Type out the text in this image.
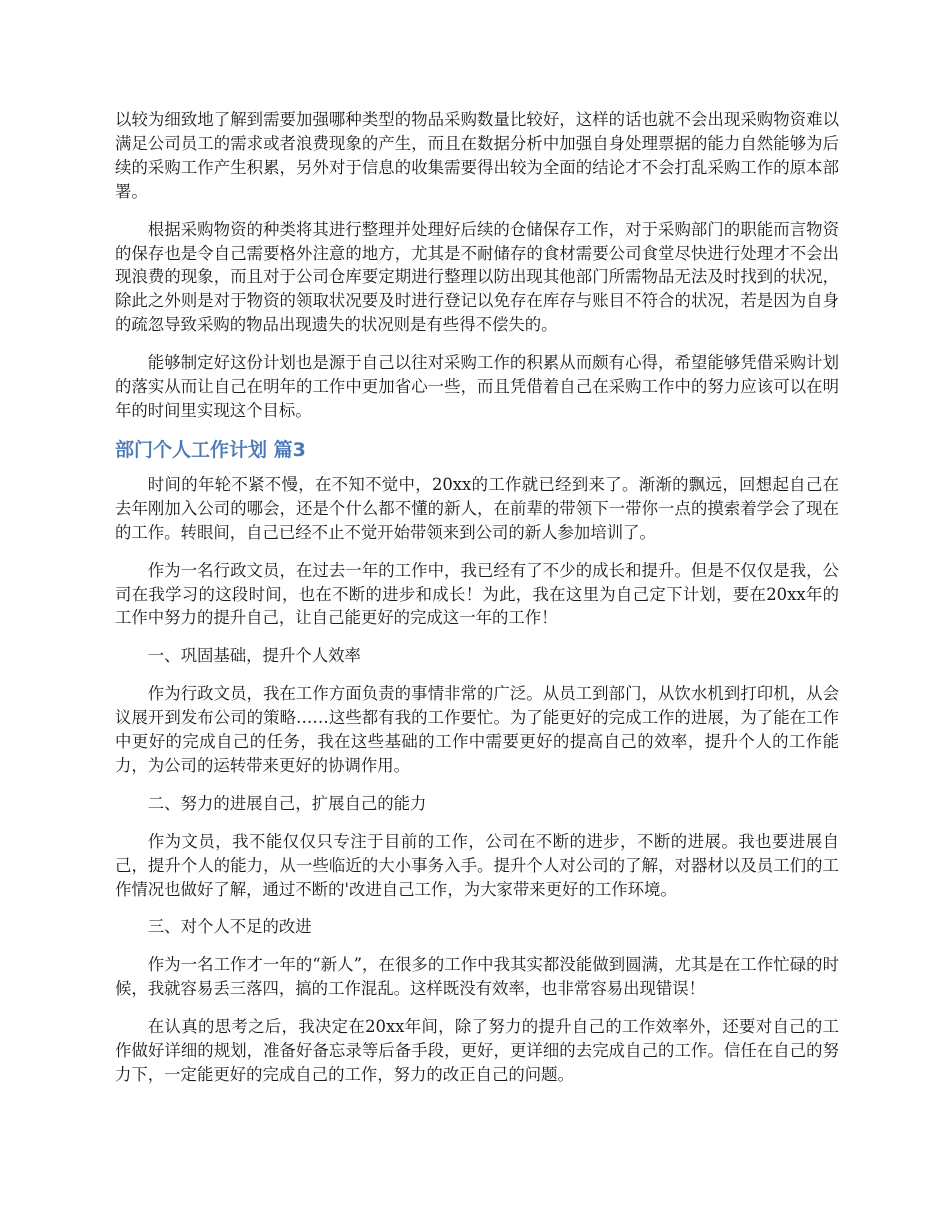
以较为细致地了解到需要加强哪种类型的物品采购数量比较好，这样的话也就不会出现采购物资难以满足公司员工的需求或者浪费现象的产生，而且在数据分析中加强自身处理票据的能力自然能够为后续的采购工作产生积累，另外对于信息的收集需要得出较为全面的结论才不会打乱采购工作的原本部署。

根据采购物资的种类将其进行整理并处理好后续的仓储保存工作，对于采购部门的职能而言物资的保存也是令自己需要格外注意的地方，尤其是不耐储存的食材需要公司食堂尽快进行处理才不会出现浪费的现象，而且对于公司仓库要定期进行整理以防出现其他部门所需物品无法及时找到的状况，除此之外则是对于物资的领取状况要及时进行登记以免存在库存与账目不符合的状况，若是因为自身的疏忽导致采购的物品出现遗失的状况则是有些得不偿失的。

能够制定好这份计划也是源于自己以往对采购工作的积累从而颇有心得，希望能够凭借采购计划的落实从而让自己在明年的工作中更加省心一些，而且凭借着自己在采购工作中的努力应该可以在明年的时间里实现这个目标。

部门个人工作计划 篇3

时间的年轮不紧不慢，在不知不觉中，20xx的工作就已经到来了。渐渐的飘远，回想起自己在去年刚加入公司的哪会，还是个什么都不懂的新人，在前辈的带领下一带你一点的摸索着学会了现在的工作。转眼间，自己已经不止不觉开始带领来到公司的新人参加培训了。

作为一名行政文员，在过去一年的工作中，我已经有了不少的成长和提升。但是不仅仅是我，公司在我学习的这段时间，也在不断的进步和成长！为此，我在这里为自己定下计划，要在20xx年的工作中努力的提升自己，让自己能更好的完成这一年的工作！

一、巩固基础，提升个人效率

作为行政文员，我在工作方面负责的事情非常的广泛。从员工到部门，从饮水机到打印机，从会议展开到发布公司的策略……这些都有我的工作要忙。为了能更好的完成工作的进展，为了能在工作中更好的完成自己的任务，我在这些基础的工作中需要更好的提高自己的效率，提升个人的工作能力，为公司的运转带来更好的协调作用。

二、努力的进展自己，扩展自己的能力

作为文员，我不能仅仅只专注于目前的工作，公司在不断的进步，不断的进展。我也要进展自己，提升个人的能力，从一些临近的大小事务入手。提升个人对公司的了解，对器材以及员工们的工作情况也做好了解，通过不断的'改进自己工作，为大家带来更好的工作环境。

三、对个人不足的改进

作为一名工作才一年的“新人”，在很多的工作中我其实都没能做到圆满，尤其是在工作忙碌的时候，我就容易丢三落四，搞的工作混乱。这样既没有效率，也非常容易出现错误！

在认真的思考之后，我决定在20xx年间，除了努力的提升自己的工作效率外，还要对自己的工作做好详细的规划，准备好备忘录等后备手段，更好，更详细的去完成自己的工作。信任在自己的努力下，一定能更好的完成自己的工作，努力的改正自己的问题。
